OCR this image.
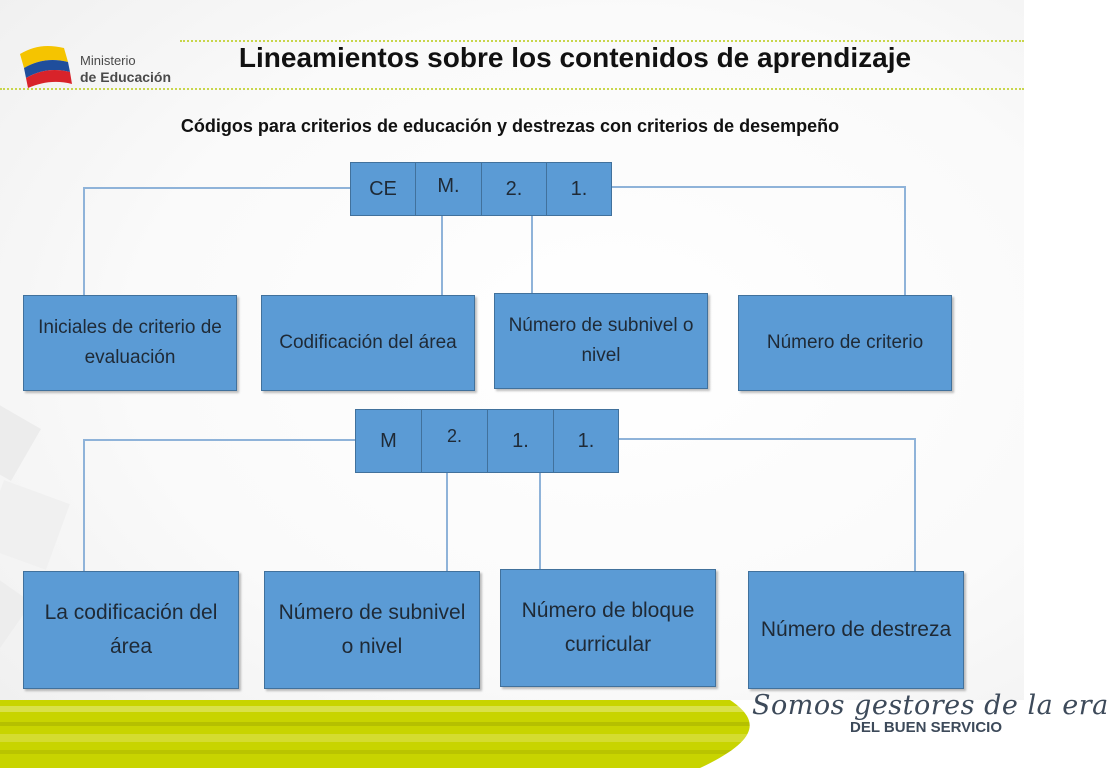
Ministerio
de Educación
Lineamientos sobre los contenidos de aprendizaje
Códigos para criterios de educación y destrezas con criterios de desempeño
CE	M.	2.	1.
Iniciales de criterio de evaluación
Codificación del área
Número de subnivel o nivel
Número de criterio
M	2.	1.	1.
La codificación del área
Número de subnivel o nivel
Número de bloque curricular
Número de destreza
Somos gestores de la era
DEL BUEN SERVICIO
